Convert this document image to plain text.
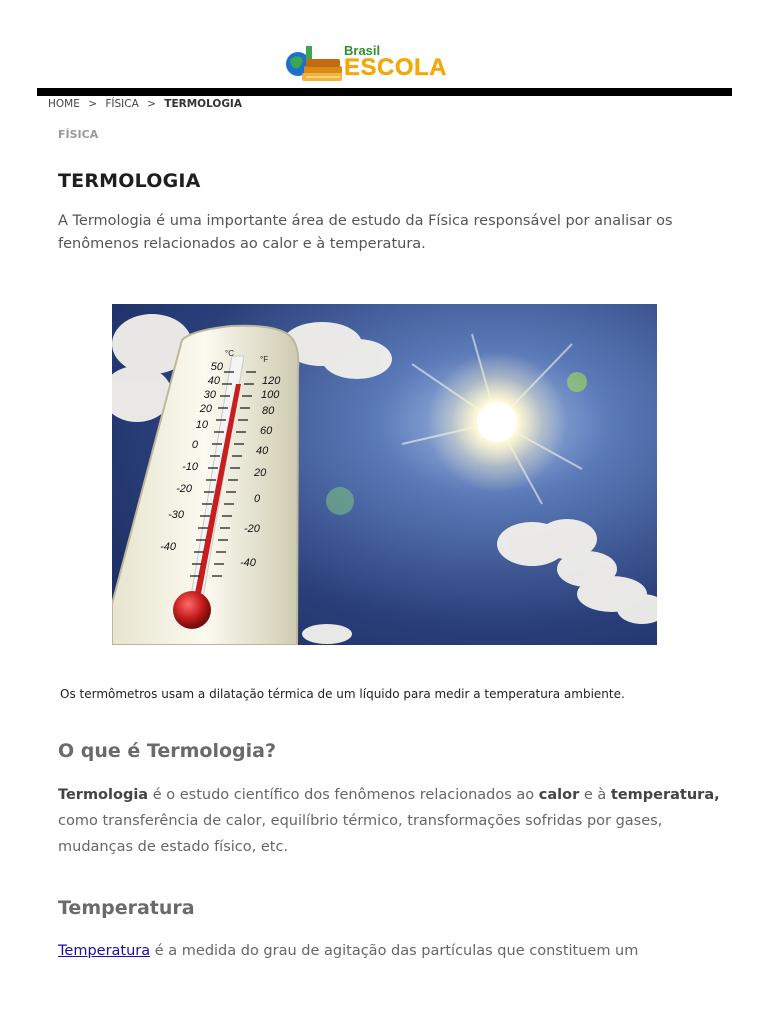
Brasil
ESCOLA
HOME > FÍSICA > TERMOLOGIA
FÍSICA
TERMOLOGIA

A Termologia é uma importante área de estudo da Física responsável por analisar os fenômenos relacionados ao calor e à temperatura.

°C
°F
50
40
30
20
10
0
-10
-20
-30
-40
120
100
80
60
40
20
0
-20
-40
Os termômetros usam a dilatação térmica de um líquido para medir a temperatura ambiente.
O que é Termologia?

Termologia é o estudo científico dos fenômenos relacionados ao calor e à temperatura, como transferência de calor, equilíbrio térmico, transformações sofridas por gases, mudanças de estado físico, etc.

Temperatura

Temperatura é a medida do grau de agitação das partículas que constituem um
